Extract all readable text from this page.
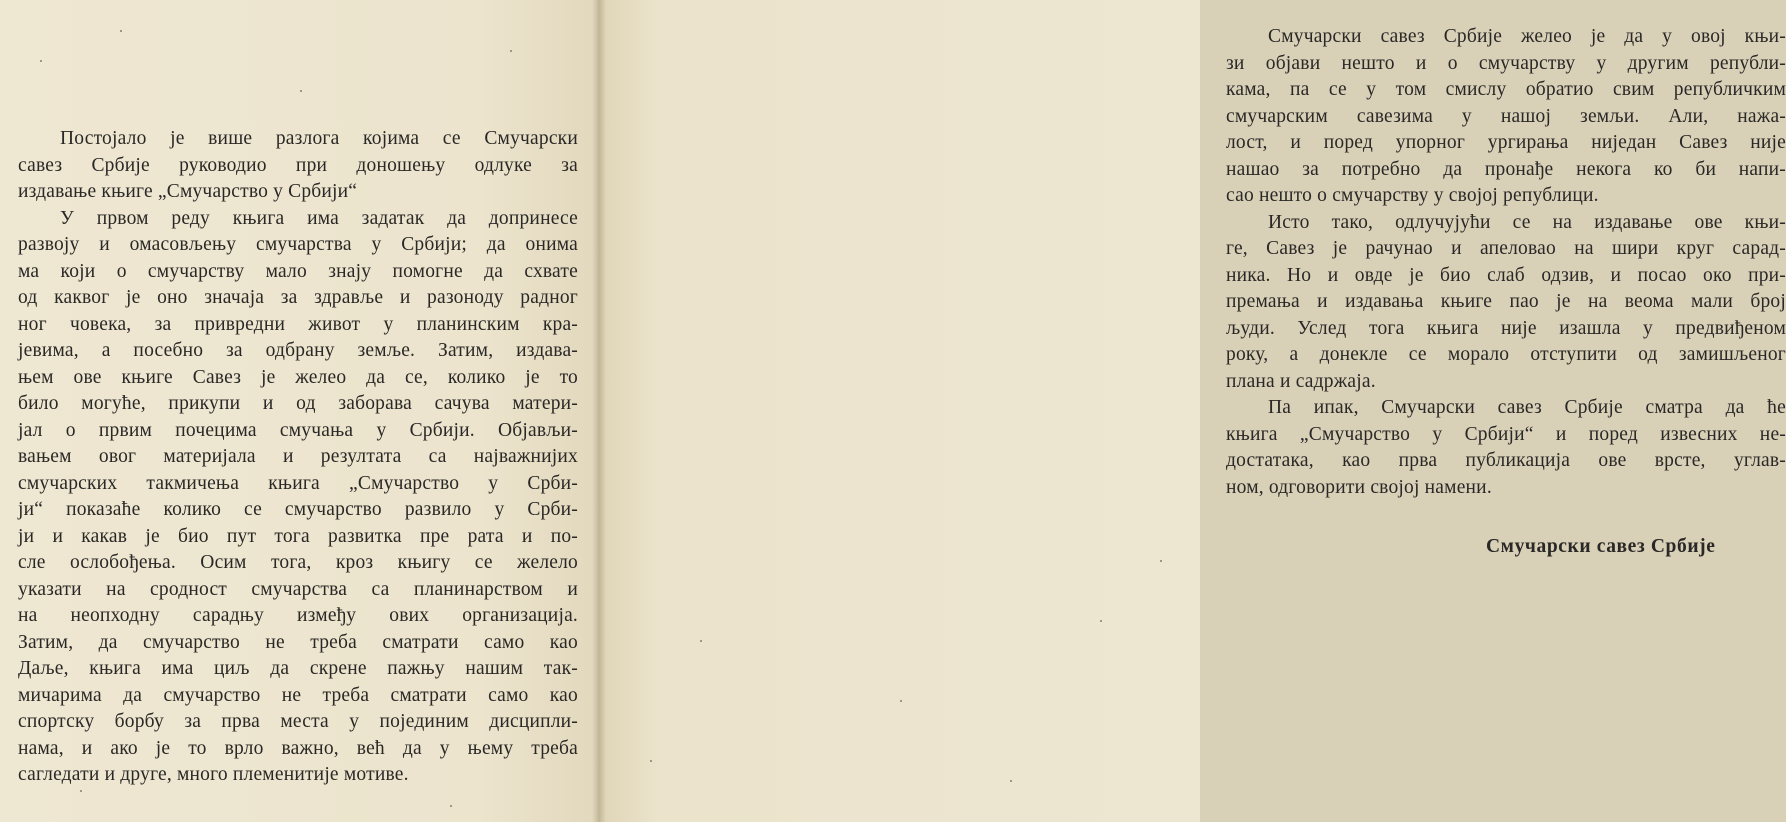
Постојало је више разлога којима се Смучарски
савез Србије руководио при доношењу одлуке за
издавање књиге „Смучарство у Србији“
У првом реду књига има задатак да допринесе
развоју и омасовљењу смучарства у Србији; да онима
ма који о смучарству мало знају помогне да схвате
од каквог је оно значаја за здравље и разоноду радног
ног човека, за привредни живот у планинским кра-
јевима, а посебно за одбрану земље. Затим, издава-
њем ове књиге Савез је желео да се, колико је то
било могуће, прикупи и од заборава сачува матери-
јал о првим почецима смучања у Србији. Објављи-
вањем овог материјала и резултата са најважнијих
смучарских такмичења књига „Смучарство у Срби-
ји“ показаће колико се смучарство развило у Срби-
ји и какав је био пут тога развитка пре рата и по-
сле ослобођења. Осим тога, кроз књигу се желело
указати на сродност смучарства са планинарством и
на неопходну сарадњу између ових организација.
Затим, да смучарство не треба сматрати само као
Даље, књига има циљ да скрене пажњу нашим так-
мичарима да смучарство не треба сматрати само као
спортску борбу за прва места у појединим дисципли-
нама, и ако је то врло важно, већ да у њему треба
сагледати и друге, много племенитије мотиве.
Смучарски савез Србије желео је да у овој књи-
зи објави нешто и о смучарству у другим републи-
кама, па се у том смислу обратио свим републичким
смучарским савезима у нашој земљи. Али, нажа-
лост, и поред упорног ургирања ниједан Савез није
нашао за потребно да пронађе некога ко би напи-
сао нешто о смучарству у својој републици.
Исто тако, одлучујући се на издавање ове књи-
ге, Савез је рачунао и апеловао на шири круг сарад-
ника. Но и овде је био слаб одзив, и посао око при-
премања и издавања књиге пао је на веома мали број
људи. Услед тога књига није изашла у предвиђеном
року, а донекле се морало отступити од замишљеног
плана и садржаја.
Па ипак, Смучарски савез Србије сматра да ће
књига „Смучарство у Србији“ и поред извесних не-
достатака, као прва публикација ове врсте, углав-
ном, одговорити својој намени.
Смучарски савез Србије
